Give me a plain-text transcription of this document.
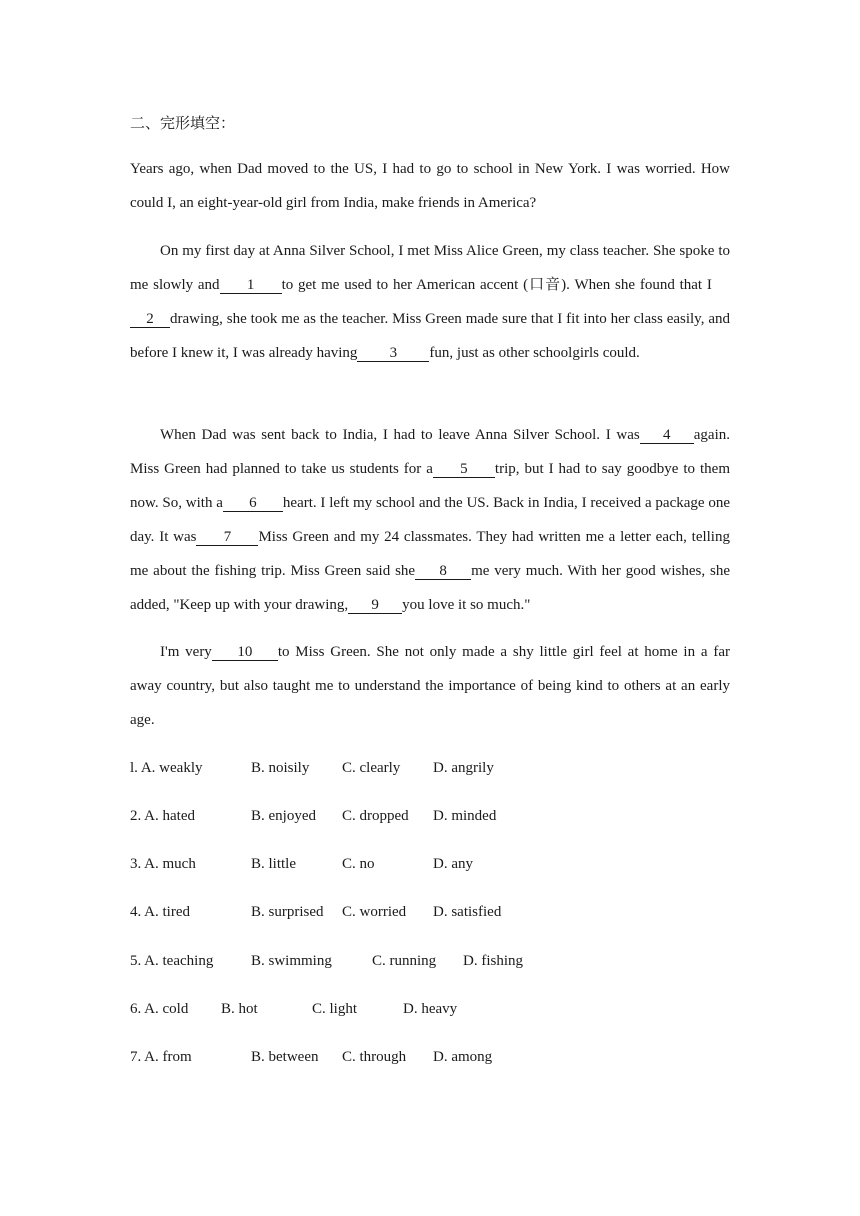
二、完形填空：

Years ago, when Dad moved to the US, I had to go to school in New York. I was worried. How could I, an eight-year-old girl from India, make friends in America?

On my first day at Anna Silver School, I met Miss Alice Green, my class teacher. She spoke to me slowly and 1 to get me used to her American accent (口音). When she found that I    2 drawing, she took me as the teacher. Miss Green made sure that I fit into her class easily, and before I knew it, I was already having 3 fun, just as other schoolgirls could.

When Dad was sent back to India, I had to leave Anna Silver School. I was 4 again. Miss Green had planned to take us students for a 5 trip, but I had to say goodbye to them now. So, with a 6 heart. I left my school and the US. Back in India, I received a package one day. It was 7 Miss Green and my 24 classmates. They had written me a letter each, telling me about the fishing trip. Miss Green said she 8 me very much. With her good wishes, she added, "Keep up with your drawing, 9 you love it so much."

I'm very 10 to Miss Green. She not only made a shy little girl feel at home in a far away country, but also taught me to understand the importance of being kind to others at an early age.

l. A. weakly	B. noisily C. clearly D. angrily
2. A. hated	B. enjoyed C. dropped D. minded
3. A. much	B. little	C. no	D. any
4. A. tired	B. surprised C. worried D. satisfied
5. A. teaching	B. swimming	C. running D. fishing
6. A. cold B. hot	C. light	D. heavy
7. A. from	B. between C. through D. among
